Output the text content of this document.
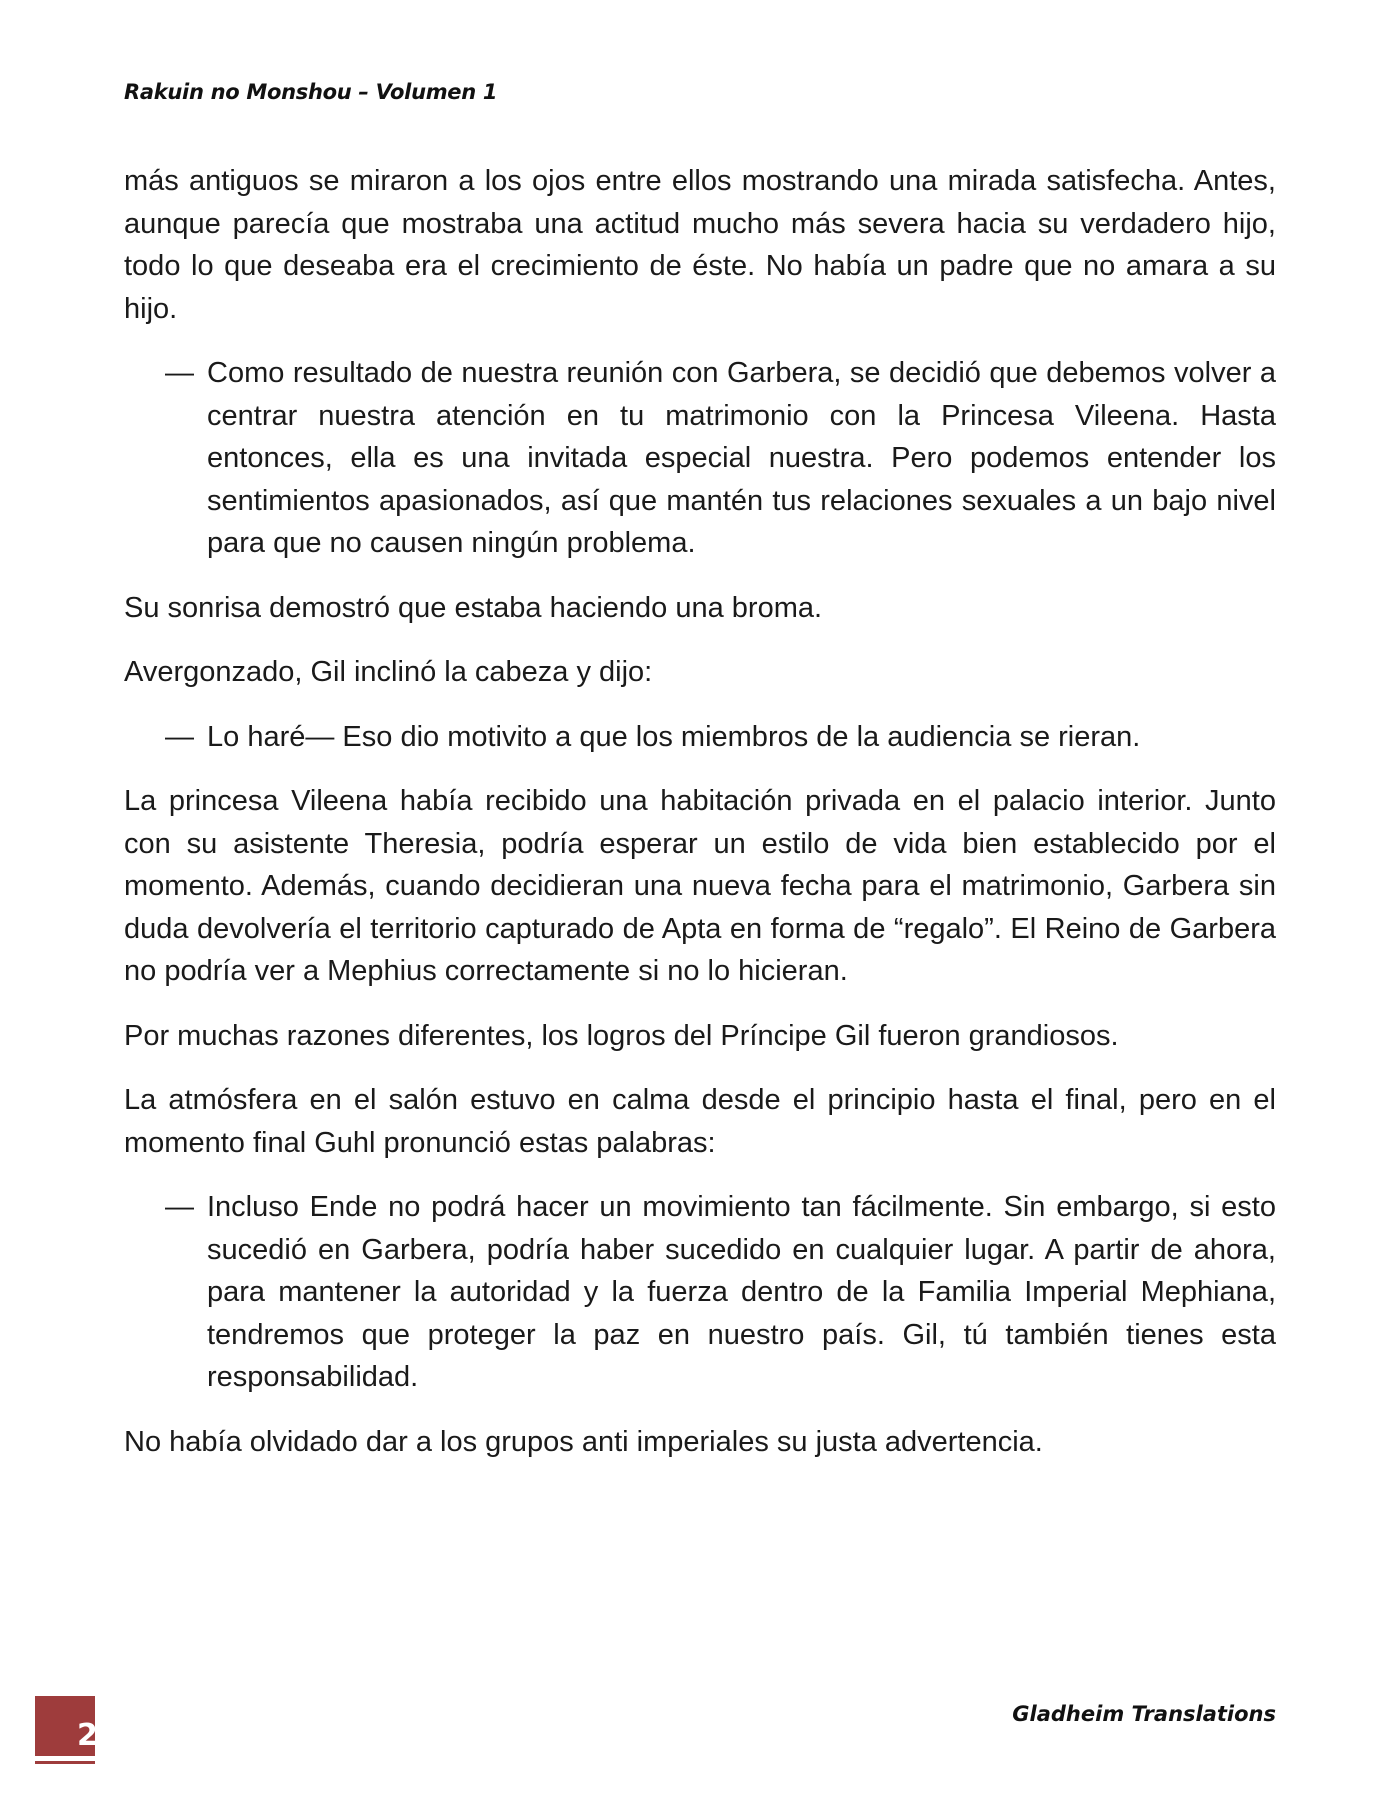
Rakuin no Monshou – Volumen 1

más antiguos se miraron a los ojos entre ellos mostrando una mirada satisfecha. Antes, aunque parecía que mostraba una actitud mucho más severa hacia su verdadero hijo, todo lo que deseaba era el crecimiento de éste. No había un padre que no amara a su hijo.

— Como resultado de nuestra reunión con Garbera, se decidió que debemos volver a centrar nuestra atención en tu matrimonio con la Princesa Vileena. Hasta entonces, ella es una invitada especial nuestra. Pero podemos entender los sentimientos apasionados, así que mantén tus relaciones sexuales a un bajo nivel para que no causen ningún problema.

Su sonrisa demostró que estaba haciendo una broma.

Avergonzado, Gil inclinó la cabeza y dijo:

— Lo haré— Eso dio motivito a que los miembros de la audiencia se rieran.

La princesa Vileena había recibido una habitación privada en el palacio interior. Junto con su asistente Theresia, podría esperar un estilo de vida bien establecido por el momento. Además, cuando decidieran una nueva fecha para el matrimonio, Garbera sin duda devolvería el territorio capturado de Apta en forma de “regalo”. El Reino de Garbera no podría ver a Mephius correctamente si no lo hicieran.

Por muchas razones diferentes, los logros del Príncipe Gil fueron grandiosos.

La atmósfera en el salón estuvo en calma desde el principio hasta el final, pero en el momento final Guhl pronunció estas palabras:

— Incluso Ende no podrá hacer un movimiento tan fácilmente. Sin embargo, si esto sucedió en Garbera, podría haber sucedido en cualquier lugar. A partir de ahora, para mantener la autoridad y la fuerza dentro de la Familia Imperial Mephiana, tendremos que proteger la paz en nuestro país. Gil, tú también tienes esta responsabilidad.

No había olvidado dar a los grupos anti imperiales su justa advertencia.

2
Gladheim Translations
